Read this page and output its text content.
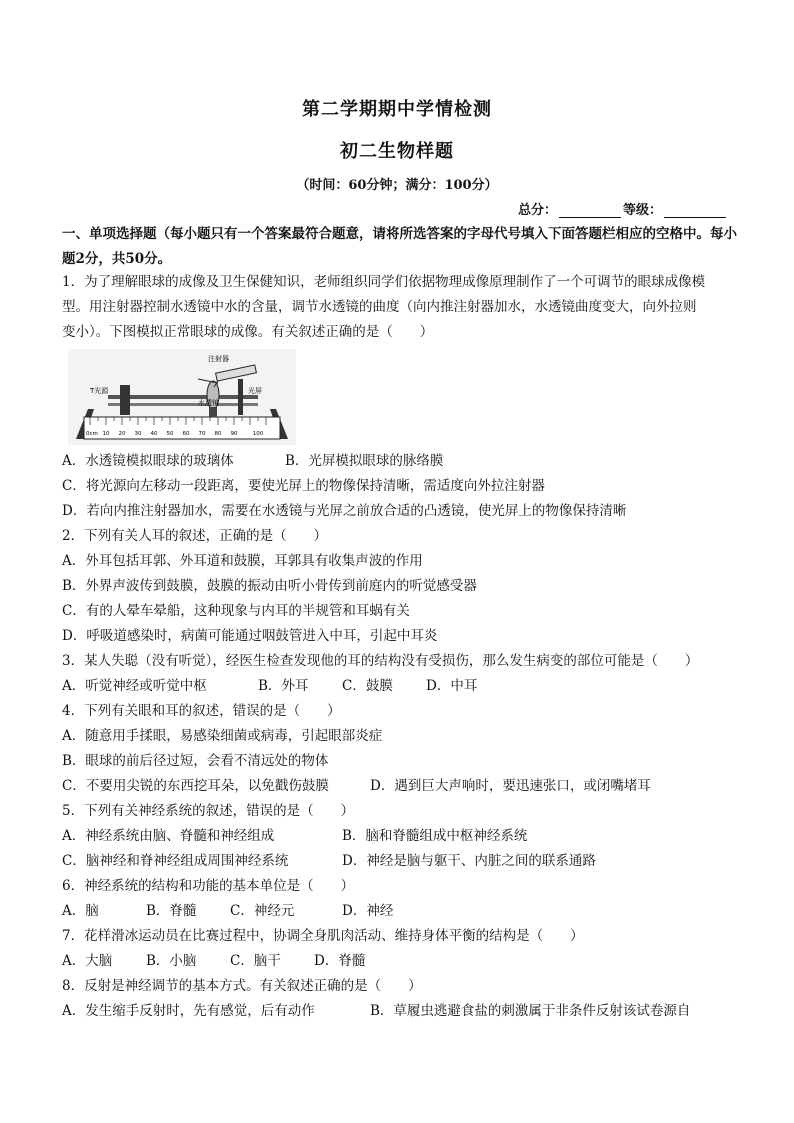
第二学期期中学情检测
初二生物样题
（时间：60分钟；满分：100分）
总分：	等级：
一、单项选择题（每小题只有一个答案最符合题意，请将所选答案的字母代号填入下面答题栏相应的空格中。每小题2分，共50分。
1．为了理解眼球的成像及卫生保健知识，老师组织同学们依据物理成像原理制作了一个可调节的眼球成像模
型。用注射器控制水透镜中水的含量，调节水透镜的曲度（向内推注射器加水，水透镜曲度变大，向外拉则
变小）。下图模拟正常眼球的成像。有关叙述正确的是（　　）
0cm 10 20 30 40 50 60 70 80 90	100
T光源
水透镜
光屏
注射器
A．水透镜模拟眼球的玻璃体	B．光屏模拟眼球的脉络膜
C．将光源向左移动一段距离，要使光屏上的物像保持清晰，需适度向外拉注射器
D．若向内推注射器加水，需要在水透镜与光屏之前放合适的凸透镜，使光屏上的物像保持清晰
2．下列有关人耳的叙述，正确的是（　　）
A．外耳包括耳郭、外耳道和鼓膜，耳郭具有收集声波的作用
B．外界声波传到鼓膜，鼓膜的振动由听小骨传到前庭内的听觉感受器
C．有的人晕车晕船，这种现象与内耳的半规管和耳蜗有关
D．呼吸道感染时，病菌可能通过咽鼓管进入中耳，引起中耳炎
3．某人失聪（没有听觉），经医生检查发现他的耳的结构没有受损伤，那么发生病变的部位可能是（　　）
A．听觉神经或听觉中枢	B．外耳 C．鼓膜 D．中耳
4．下列有关眼和耳的叙述，错误的是（　　）
A．随意用手揉眼，易感染细菌或病毒，引起眼部炎症
B．眼球的前后径过短，会看不清远处的物体
C．不要用尖锐的东西挖耳朵，以免戳伤鼓膜	D．遇到巨大声响时，要迅速张口，或闭嘴堵耳
5．下列有关神经系统的叙述，错误的是（　　）
A．神经系统由脑、脊髓和神经组成	B．脑和脊髓组成中枢神经系统
C．脑神经和脊神经组成周围神经系统	D．神经是脑与躯干、内脏之间的联系通路
6．神经系统的结构和功能的基本单位是（　　）
A．脑	B．脊髓 C．神经元	D．神经
7．花样滑冰运动员在比赛过程中，协调全身肌肉活动、维持身体平衡的结构是（　　）
A．大脑	B．小脑 C．脑干 D．脊髓
8．反射是神经调节的基本方式。有关叙述正确的是（　　）
A．发生缩手反射时，先有感觉，后有动作	B．草履虫逃避食盐的刺激属于非条件反射该试卷源自
